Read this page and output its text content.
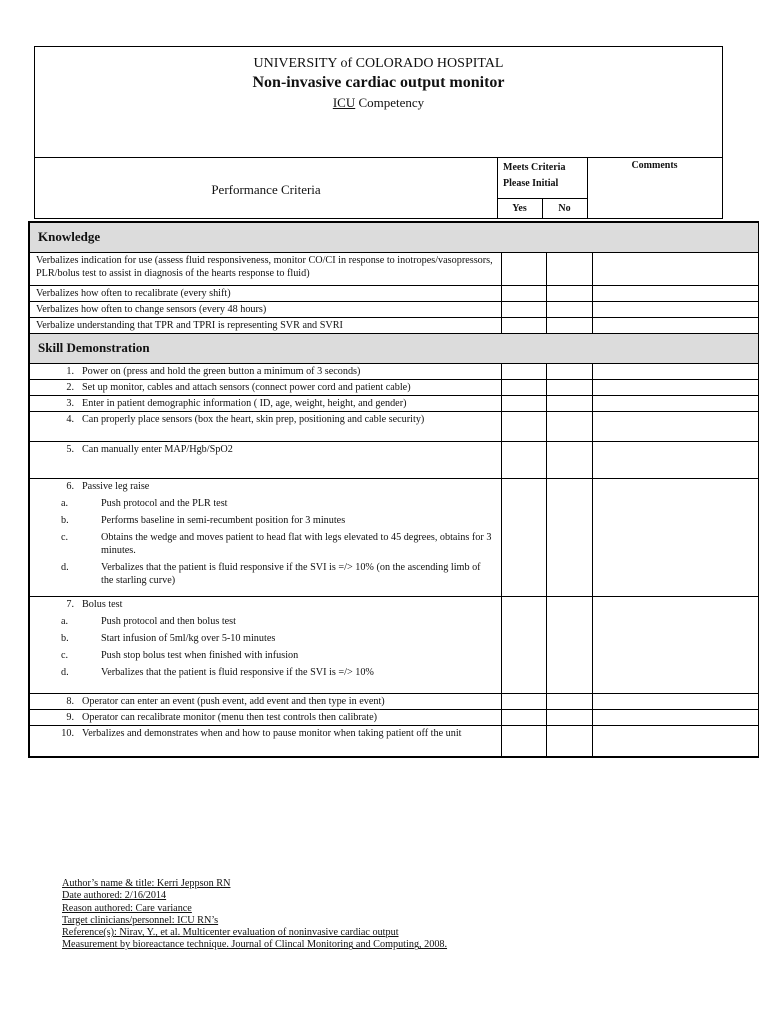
UNIVERSITY of COLORADO HOSPITAL
Non-invasive cardiac output monitor
ICU Competency
Performance Criteria
Meets Criteria
Please Initial
Yes	No
Comments
Knowledge			
Verbalizes indication for use (assess fluid responsiveness, monitor CO/CI in response to inotropes/vasopressors, PLR/bolus test to assist in diagnosis of the hearts response to fluid)			
Verbalizes how often to recalibrate (every shift)			
Verbalizes how often to change sensors (every 48 hours)			
Verbalize understanding that TPR and TPRI is representing SVR and SVRI			
Skill Demonstration			

1. Power on (press and hold the green button a minimum of 3 seconds)			

2. Set up monitor, cables and attach sensors (connect power cord and patient cable)			

3. Enter in patient demographic information ( ID, age, weight, height, and gender)			

4. Can properly place sensors (box the heart, skin prep, positioning and cable security)			

5. Can manually enter MAP/Hgb/SpO2			

6. Passive leg raise
a. Push protocol and the PLR test
b. Performs baseline in semi-recumbent position for 3 minutes
c. Obtains the wedge and moves patient to head flat with legs elevated to 45 degrees, obtains for 3 minutes.
d. Verbalizes that the patient is fluid responsive if the SVI is =/> 10% (on the ascending limb of the starling curve)			

7. Bolus test
a. Push protocol and then bolus test
b. Start infusion of 5ml/kg over 5-10 minutes
c. Push stop bolus test when finished with infusion
d. Verbalizes that the patient is fluid responsive if the SVI is =/> 10%			

8. Operator can enter an event (push event, add event and then type in event)			

9. Operator can recalibrate monitor (menu then test controls then calibrate)			

10. Verbalizes and demonstrates when and how to pause monitor when taking patient off the unit			

Author’s name & title: Kerri Jeppson RN
Date authored: 2/16/2014
Reason authored: Care variance
Target clinicians/personnel: ICU RN’s
Reference(s): Nirav, Y., et al. Multicenter evaluation of noninvasive cardiac output
Measurement by bioreactance technique. Journal of Clincal Monitoring and Computing, 2008.
